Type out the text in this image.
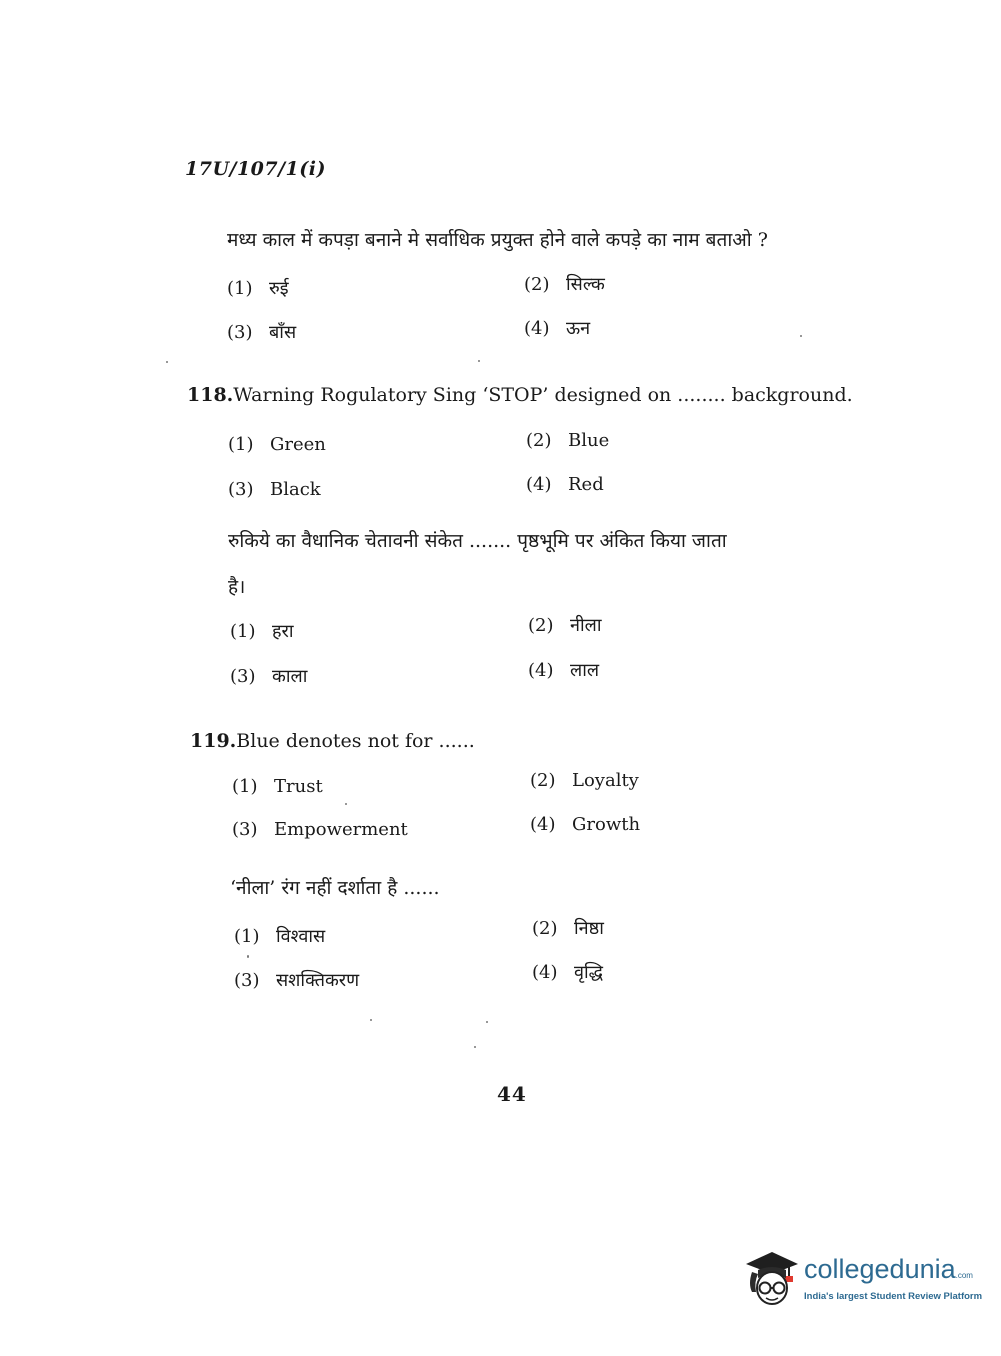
17U/107/1(i)
मध्य काल में कपड़ा बनाने मे सर्वाधिक प्रयुक्त होने वाले कपड़े का नाम बताओ ?
(1) रुई	(2) सिल्क
(3) बाँस	(4) ऊन
118.Warning Rogulatory Sing ‘STOP’ designed on ........ background.
(1) Green	(2) Blue
(3) Black	(4) Red
रुकिये का वैधानिक चेतावनी संकेत ....... पृष्ठभूमि पर अंकित किया जाता
है।
(1) हरा	(2) नीला
(3) काला	(4) लाल
119.Blue denotes not for ......
(1) Trust	(2) Loyalty
(3) Empowerment	(4) Growth
‘नीला’ रंग नहीं दर्शाता है ......
(1) विश्वास	(2) निष्ठा
(3) सशक्तिकरण	(4) वृद्धि
44
collegedunia.com
India's largest Student Review Platform
